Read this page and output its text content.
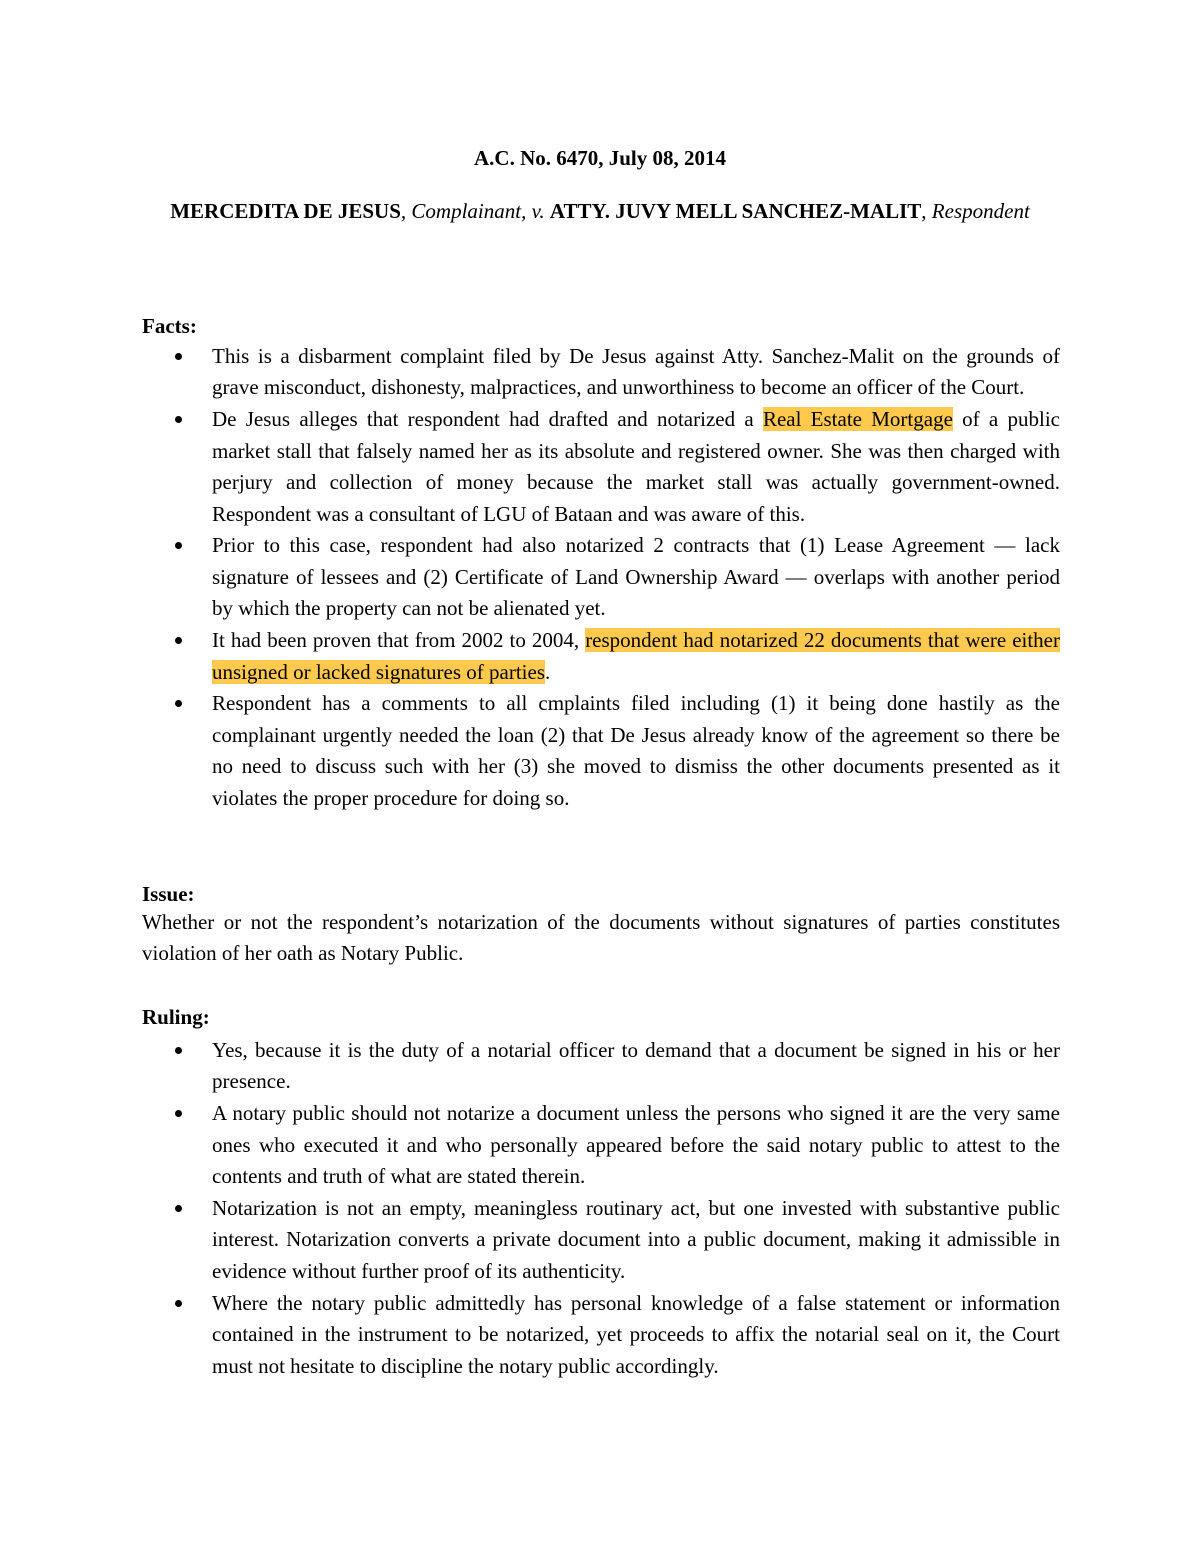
A.C. No. 6470, July 08, 2014
MERCEDITA DE JESUS, Complainant, v. ATTY. JUVY MELL SANCHEZ-MALIT, Respondent
Facts:
This is a disbarment complaint filed by De Jesus against Atty. Sanchez-Malit on the grounds of grave misconduct, dishonesty, malpractices, and unworthiness to become an officer of the Court.
De Jesus alleges that respondent had drafted and notarized a Real Estate Mortgage of a public market stall that falsely named her as its absolute and registered owner. She was then charged with perjury and collection of money because the market stall was actually government-owned. Respondent was a consultant of LGU of Bataan and was aware of this.
Prior to this case, respondent had also notarized 2 contracts that (1) Lease Agreement — lack signature of lessees and (2) Certificate of Land Ownership Award — overlaps with another period by which the property can not be alienated yet.
It had been proven that from 2002 to 2004, respondent had notarized 22 documents that were either unsigned or lacked signatures of parties.
Respondent has a comments to all cmplaints filed including (1) it being done hastily as the complainant urgently needed the loan (2) that De Jesus already know of the agreement so there be no need to discuss such with her (3) she moved to dismiss the other documents presented as it violates the proper procedure for doing so.
Issue:
Whether or not the respondent’s notarization of the documents without signatures of parties constitutes violation of her oath as Notary Public.
Ruling:
Yes, because it is the duty of a notarial officer to demand that a document be signed in his or her presence.
A notary public should not notarize a document unless the persons who signed it are the very same ones who executed it and who personally appeared before the said notary public to attest to the contents and truth of what are stated therein.
Notarization is not an empty, meaningless routinary act, but one invested with substantive public interest. Notarization converts a private document into a public document, making it admissible in evidence without further proof of its authenticity.
Where the notary public admittedly has personal knowledge of a false statement or information contained in the instrument to be notarized, yet proceeds to affix the notarial seal on it, the Court must not hesitate to discipline the notary public accordingly.
